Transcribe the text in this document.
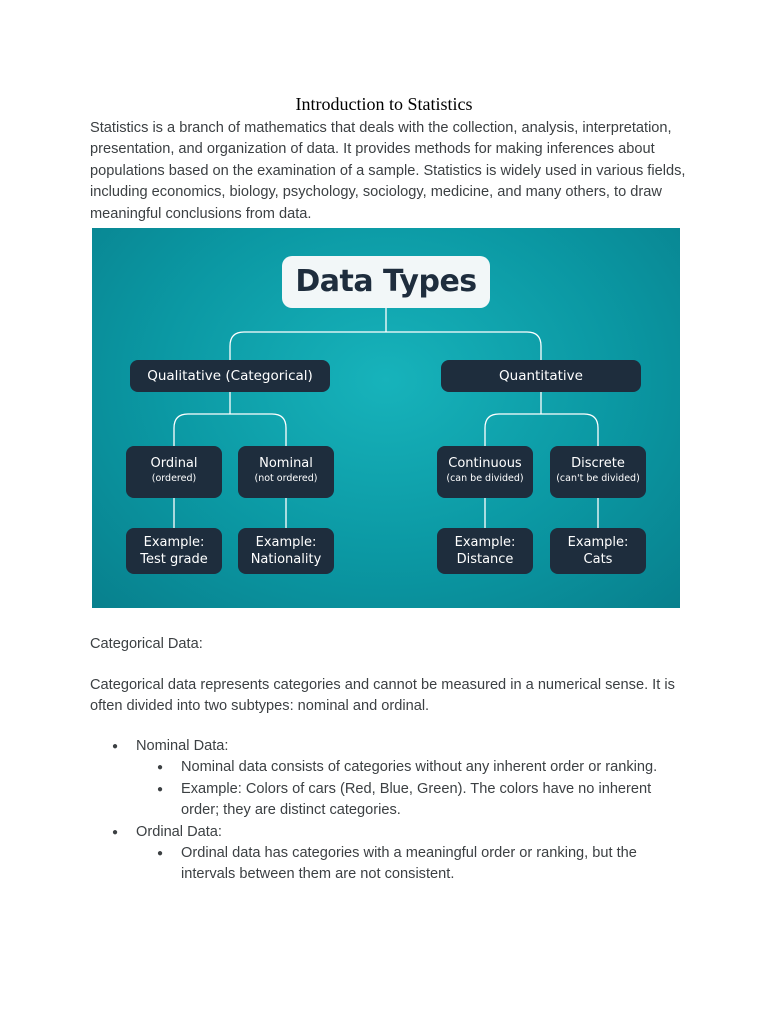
Introduction to Statistics

Statistics is a branch of mathematics that deals with the collection, analysis, interpretation, presentation, and organization of data. It provides methods for making inferences about populations based on the examination of a sample. Statistics is widely used in various fields, including economics, biology, psychology, sociology, medicine, and many others, to draw meaningful conclusions from data.

Data Types
Qualitative (Categorical)	Quantitative
Ordinal
(ordered)
Nominal
(not ordered)
Continuous
(can be divided)
Discrete
(can't be divided)
Example:
Test grade
Example:
Nationality
Example:
Distance
Example:
Cats

Categorical Data:

Categorical data represents categories and cannot be measured in a numerical sense. It is often divided into two subtypes: nominal and ordinal.

● Nominal Data:
● Nominal data consists of categories without any inherent order or ranking.
● Example: Colors of cars (Red, Blue, Green). The colors have no inherent order; they are distinct categories.
● Ordinal Data:
● Ordinal data has categories with a meaningful order or ranking, but the intervals between them are not consistent.
